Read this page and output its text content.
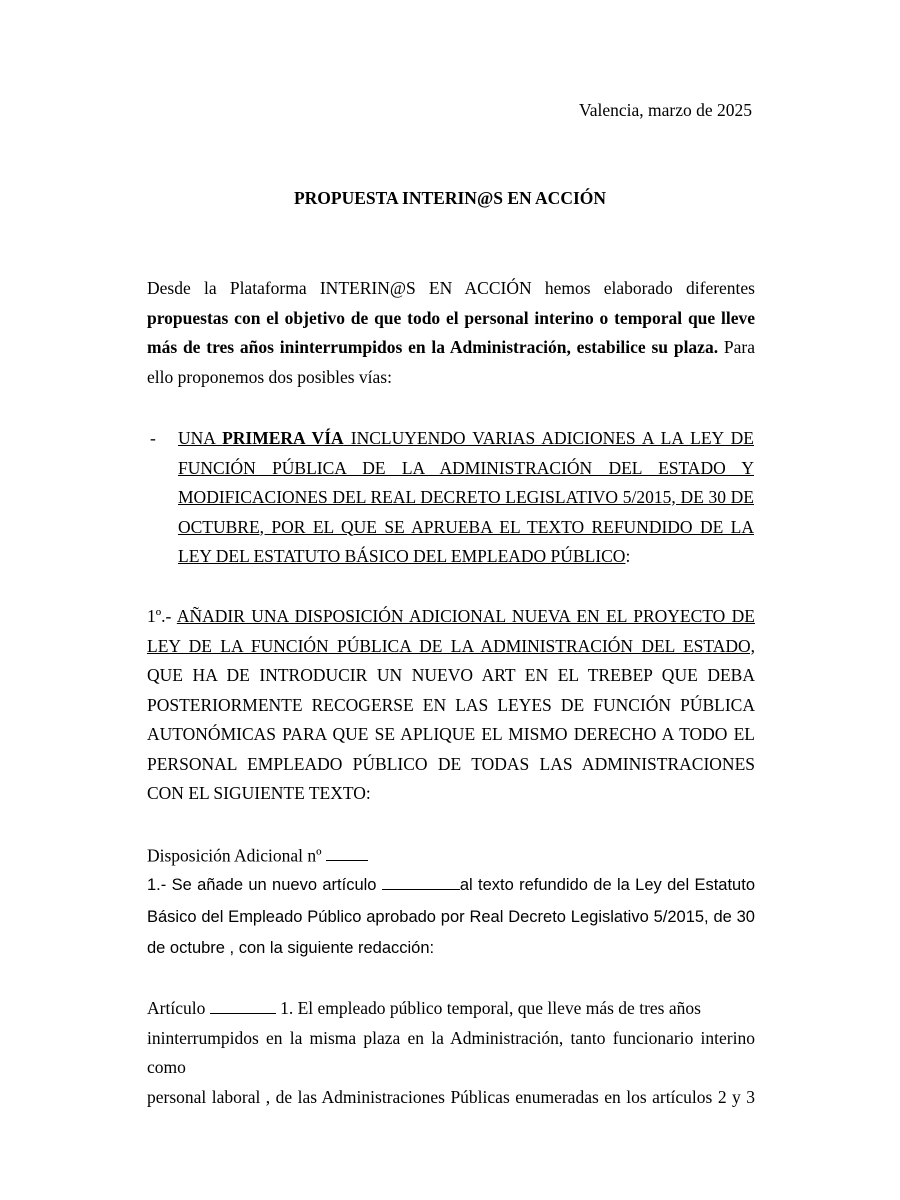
Valencia, marzo de 2025
PROPUESTA INTERIN@S EN ACCIÓN
Desde la Plataforma INTERIN@S EN ACCIÓN hemos elaborado diferentes propuestas con el objetivo de que todo el personal interino o temporal que lleve más de tres años ininterrumpidos en la Administración, estabilice su plaza. Para ello proponemos dos posibles vías:
- UNA PRIMERA VÍA INCLUYENDO VARIAS ADICIONES A LA LEY DE FUNCIÓN PÚBLICA DE LA ADMINISTRACIÓN DEL ESTADO Y MODIFICACIONES DEL REAL DECRETO LEGISLATIVO 5/2015, DE 30 DE OCTUBRE, POR EL QUE SE APRUEBA EL TEXTO REFUNDIDO DE LA LEY DEL ESTATUTO BÁSICO DEL EMPLEADO PÚBLICO:
1º.- AÑADIR UNA DISPOSICIÓN ADICIONAL NUEVA EN EL PROYECTO DE LEY DE LA FUNCIÓN PÚBLICA DE LA ADMINISTRACIÓN DEL ESTADO, QUE HA DE INTRODUCIR UN NUEVO ART EN EL TREBEP QUE DEBA POSTERIORMENTE RECOGERSE EN LAS LEYES DE FUNCIÓN PÚBLICA AUTONÓMICAS PARA QUE SE APLIQUE EL MISMO DERECHO A TODO EL PERSONAL EMPLEADO PÚBLICO DE TODAS LAS ADMINISTRACIONES CON EL SIGUIENTE TEXTO:
Disposición Adicional nº
1.- Se añade un nuevo artículo	al texto refundido de la Ley del Estatuto Básico del Empleado Público aprobado por Real Decreto Legislativo 5/2015, de 30 de octubre , con la siguiente redacción:
Artículo	1. El empleado público temporal, que lleve más de tres años
ininterrumpidos en la misma plaza en la Administración, tanto funcionario interino como
personal laboral , de las Administraciones Públicas enumeradas en los artículos 2 y 3
